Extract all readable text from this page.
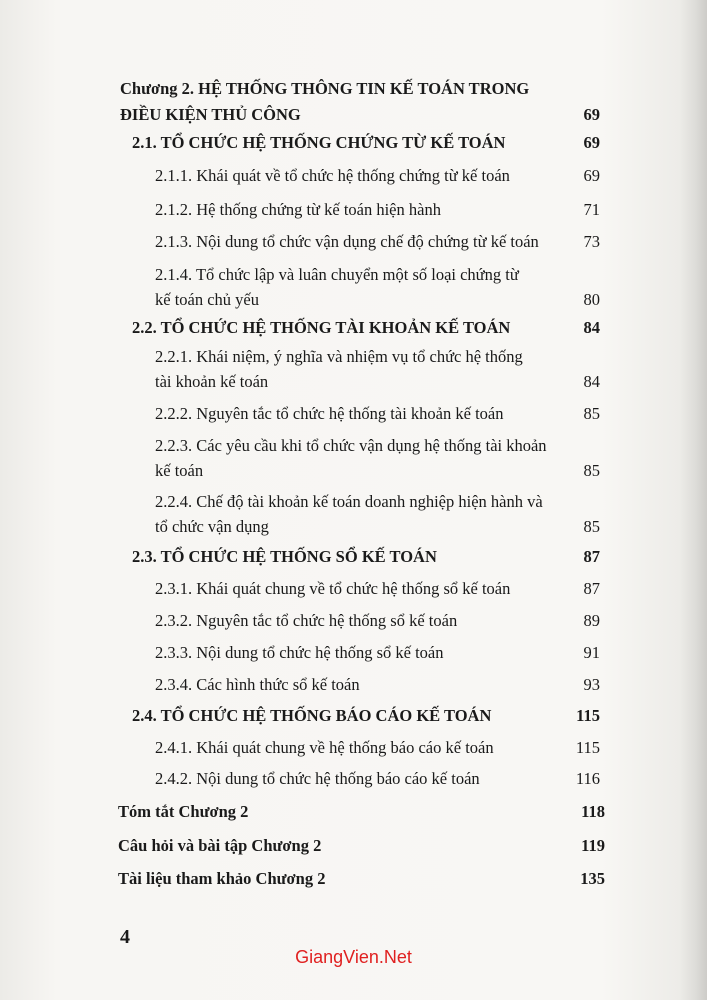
Chương 2. HỆ THỐNG THÔNG TIN KẾ TOÁN TRONG
ĐIỀU KIỆN THỦ CÔNG	69
2.1. TỔ CHỨC HỆ THỐNG CHỨNG TỪ KẾ TOÁN	69
2.1.1. Khái quát về tổ chức hệ thống chứng từ kế toán	69
2.1.2. Hệ thống chứng từ kế toán hiện hành	71
2.1.3. Nội dung tổ chức vận dụng chế độ chứng từ kế toán	73
2.1.4. Tổ chức lập và luân chuyển một số loại chứng từ
kế toán chủ yếu	80
2.2. TỔ CHỨC HỆ THỐNG TÀI KHOẢN KẾ TOÁN	84
2.2.1. Khái niệm, ý nghĩa và nhiệm vụ tổ chức hệ thống
tài khoản kế toán	84
2.2.2. Nguyên tắc tổ chức hệ thống tài khoản kế toán	85
2.2.3. Các yêu cầu khi tổ chức vận dụng hệ thống tài khoản
kế toán	85
2.2.4. Chế độ tài khoản kế toán doanh nghiệp hiện hành và
tổ chức vận dụng	85
2.3. TỔ CHỨC HỆ THỐNG SỔ KẾ TOÁN	87
2.3.1. Khái quát chung về tổ chức hệ thống sổ kế toán	87
2.3.2. Nguyên tắc tổ chức hệ thống sổ kế toán	89
2.3.3. Nội dung tổ chức hệ thống sổ kế toán	91
2.3.4. Các hình thức sổ kế toán	93
2.4. TỔ CHỨC HỆ THỐNG BÁO CÁO KẾ TOÁN	115
2.4.1. Khái quát chung về hệ thống báo cáo kế toán	115
2.4.2. Nội dung tổ chức hệ thống báo cáo kế toán	116
Tóm tắt Chương 2	118
Câu hỏi và bài tập Chương 2	119
Tài liệu tham khảo Chương 2	135
4
GiangVien.Net
